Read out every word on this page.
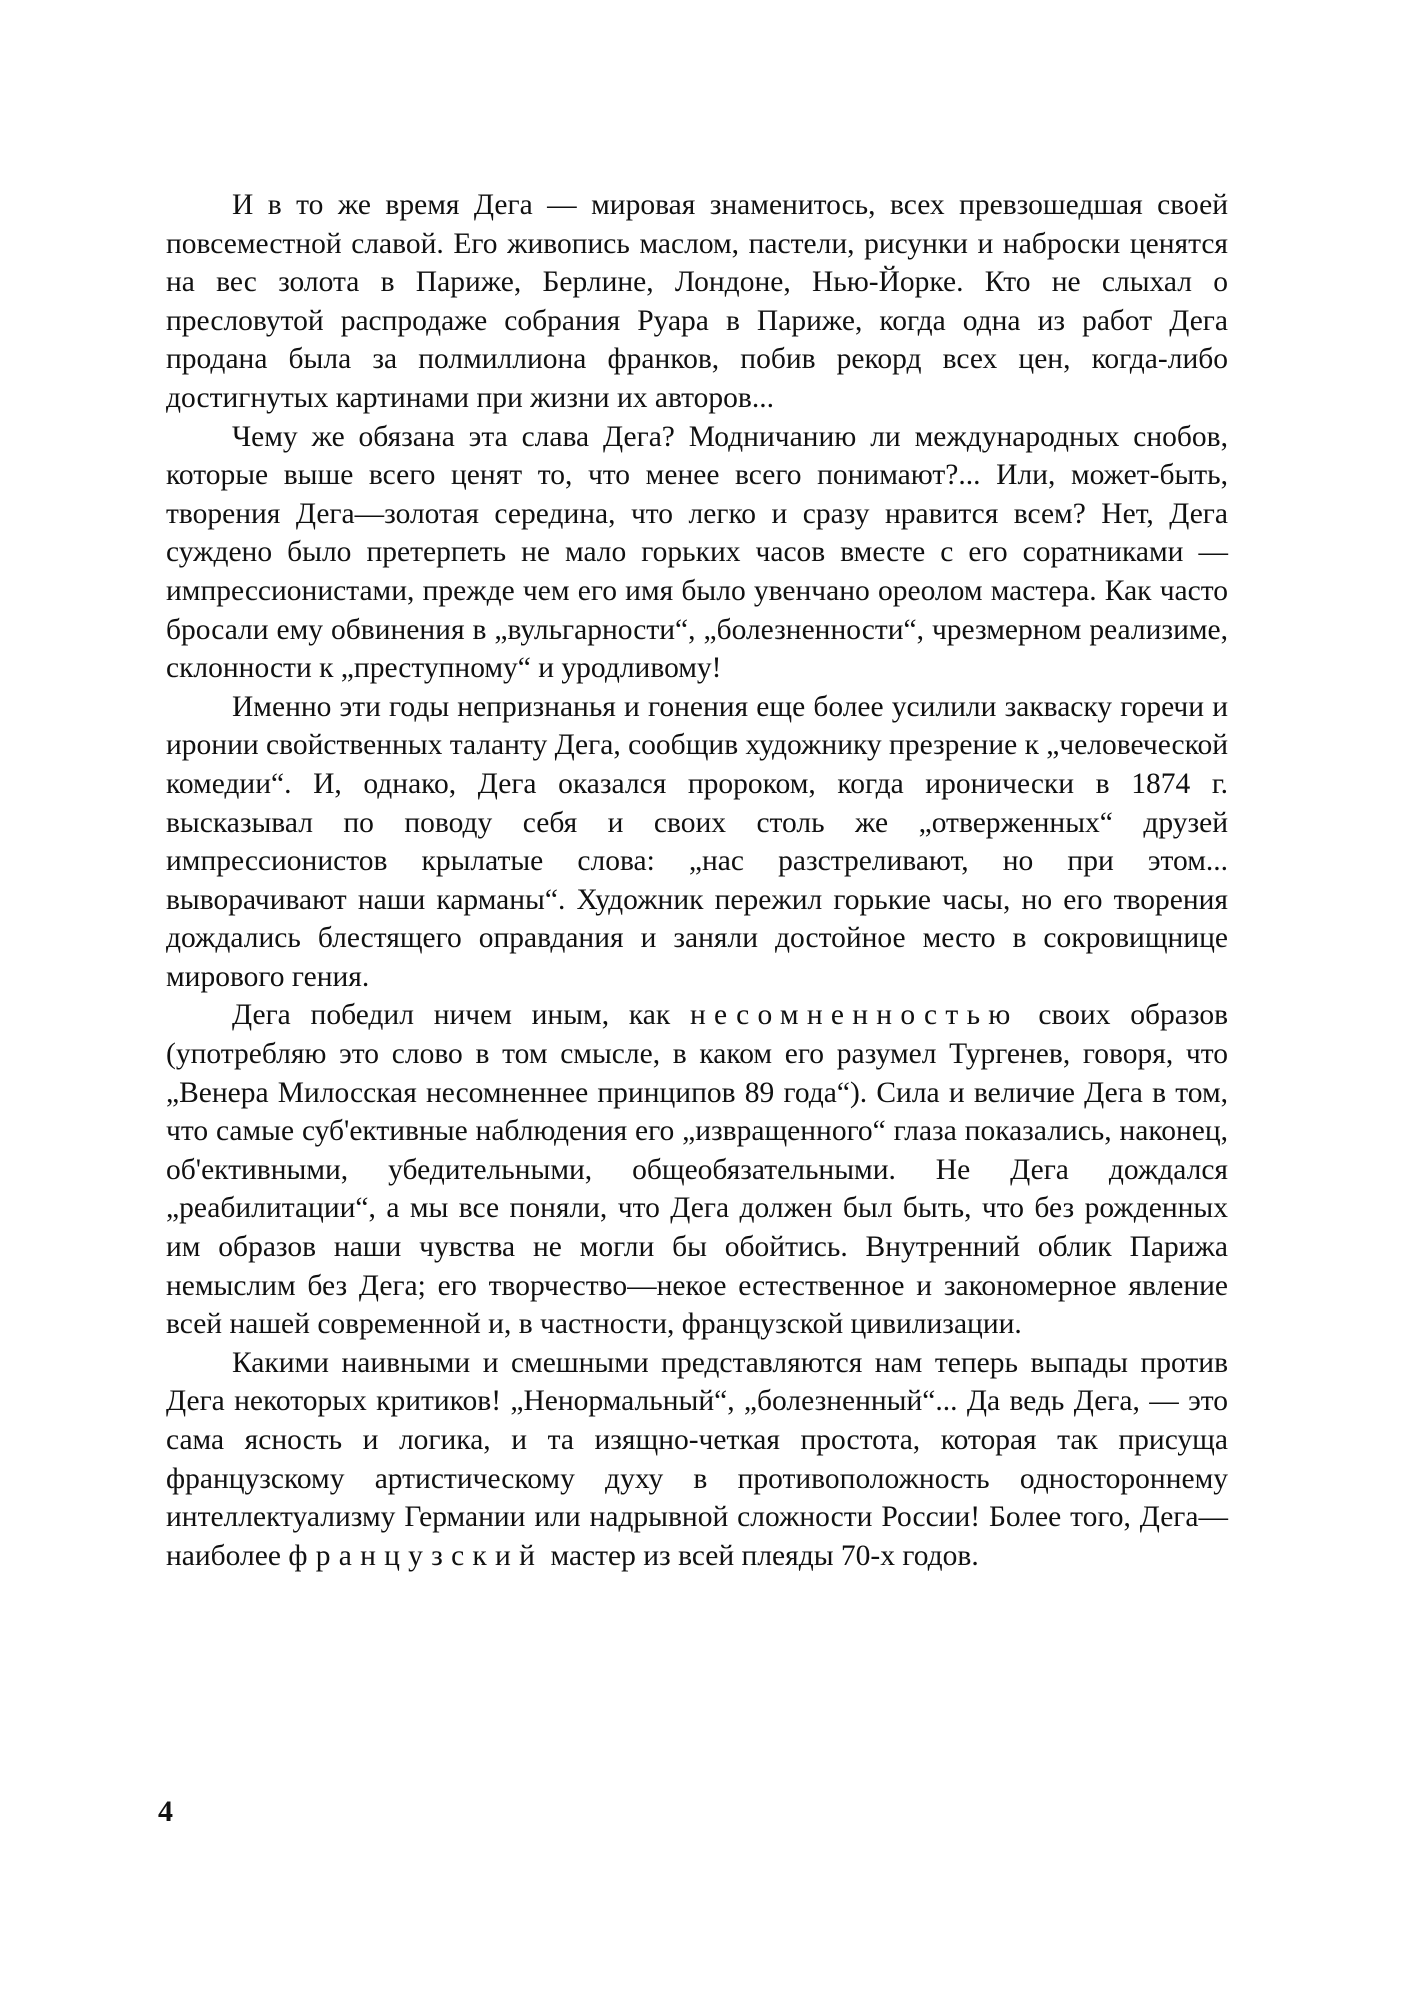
И в то же время Дега — мировая знаменитось, всех превзошедшая своей повсеместной славой. Его живопись маслом, пастели, рисунки и наброски ценятся на вес золота в Париже, Берлине, Лондоне, Нью-Йорке. Кто не слыхал о пресловутой распродаже собрания Руара в Париже, когда одна из работ Дега продана была за полмиллиона франков, побив рекорд всех цен, когда-либо достигнутых картинами при жизни их авторов...

Чему же обязана эта слава Дега? Модничанию ли международных снобов, которые выше всего ценят то, что менее всего понимают?... Или, может-быть, творения Дега—золотая середина, что легко и сразу нравится всем? Нет, Дега суждено было претерпеть не мало горьких часов вместе с его соратниками — импрессионистами, прежде чем его имя было увенчано ореолом мастера. Как часто бросали ему обвинения в „вульгарности“, „болезненности“, чрезмерном реализиме, склонности к „преступному“ и уродливому!

Именно эти годы непризнанья и гонения еще более усилили закваску горечи и иронии свойственных таланту Дега, сообщив художнику презрение к „человеческой комедии“. И, однако, Дега оказался пророком, когда иронически в 1874 г. высказывал по поводу себя и своих столь же „отверженных“ друзей импрессионистов крылатые слова: „нас разстреливают, но при этом... выворачивают наши карманы“. Художник пережил горькие часы, но его творения дождались блестящего оправдания и заняли достойное место в сокровищнице мирового гения.

Дега победил ничем иным, как несомненностью своих образов (употребляю это слово в том смысле, в каком его разумел Тургенев, говоря, что „Венера Милосская несомненнее принципов 89 года“). Сила и величие Дега в том, что самые суб'ективные наблюдения его „извращенного“ глаза показались, наконец, об'ективными, убедительными, общеобязательными. Не Дега дождался „реабилитации“, а мы все поняли, что Дега должен был быть, что без рожденных им образов наши чувства не могли бы обойтись. Внутренний облик Парижа немыслим без Дега; его творчество—некое естественное и закономерное явление всей нашей современной и, в частности, французской цивилизации.

Какими наивными и смешными представляются нам теперь выпады против Дега некоторых критиков! „Ненормальный“, „болезненный“... Да ведь Дега, — это сама ясность и логика, и та изящно-четкая простота, которая так присуща французскому артистическому духу в противоположность одностороннему интеллектуализму Германии или надрывной сложности России! Более того, Дега—наиболее французский мастер из всей плеяды 70-х годов.

4
